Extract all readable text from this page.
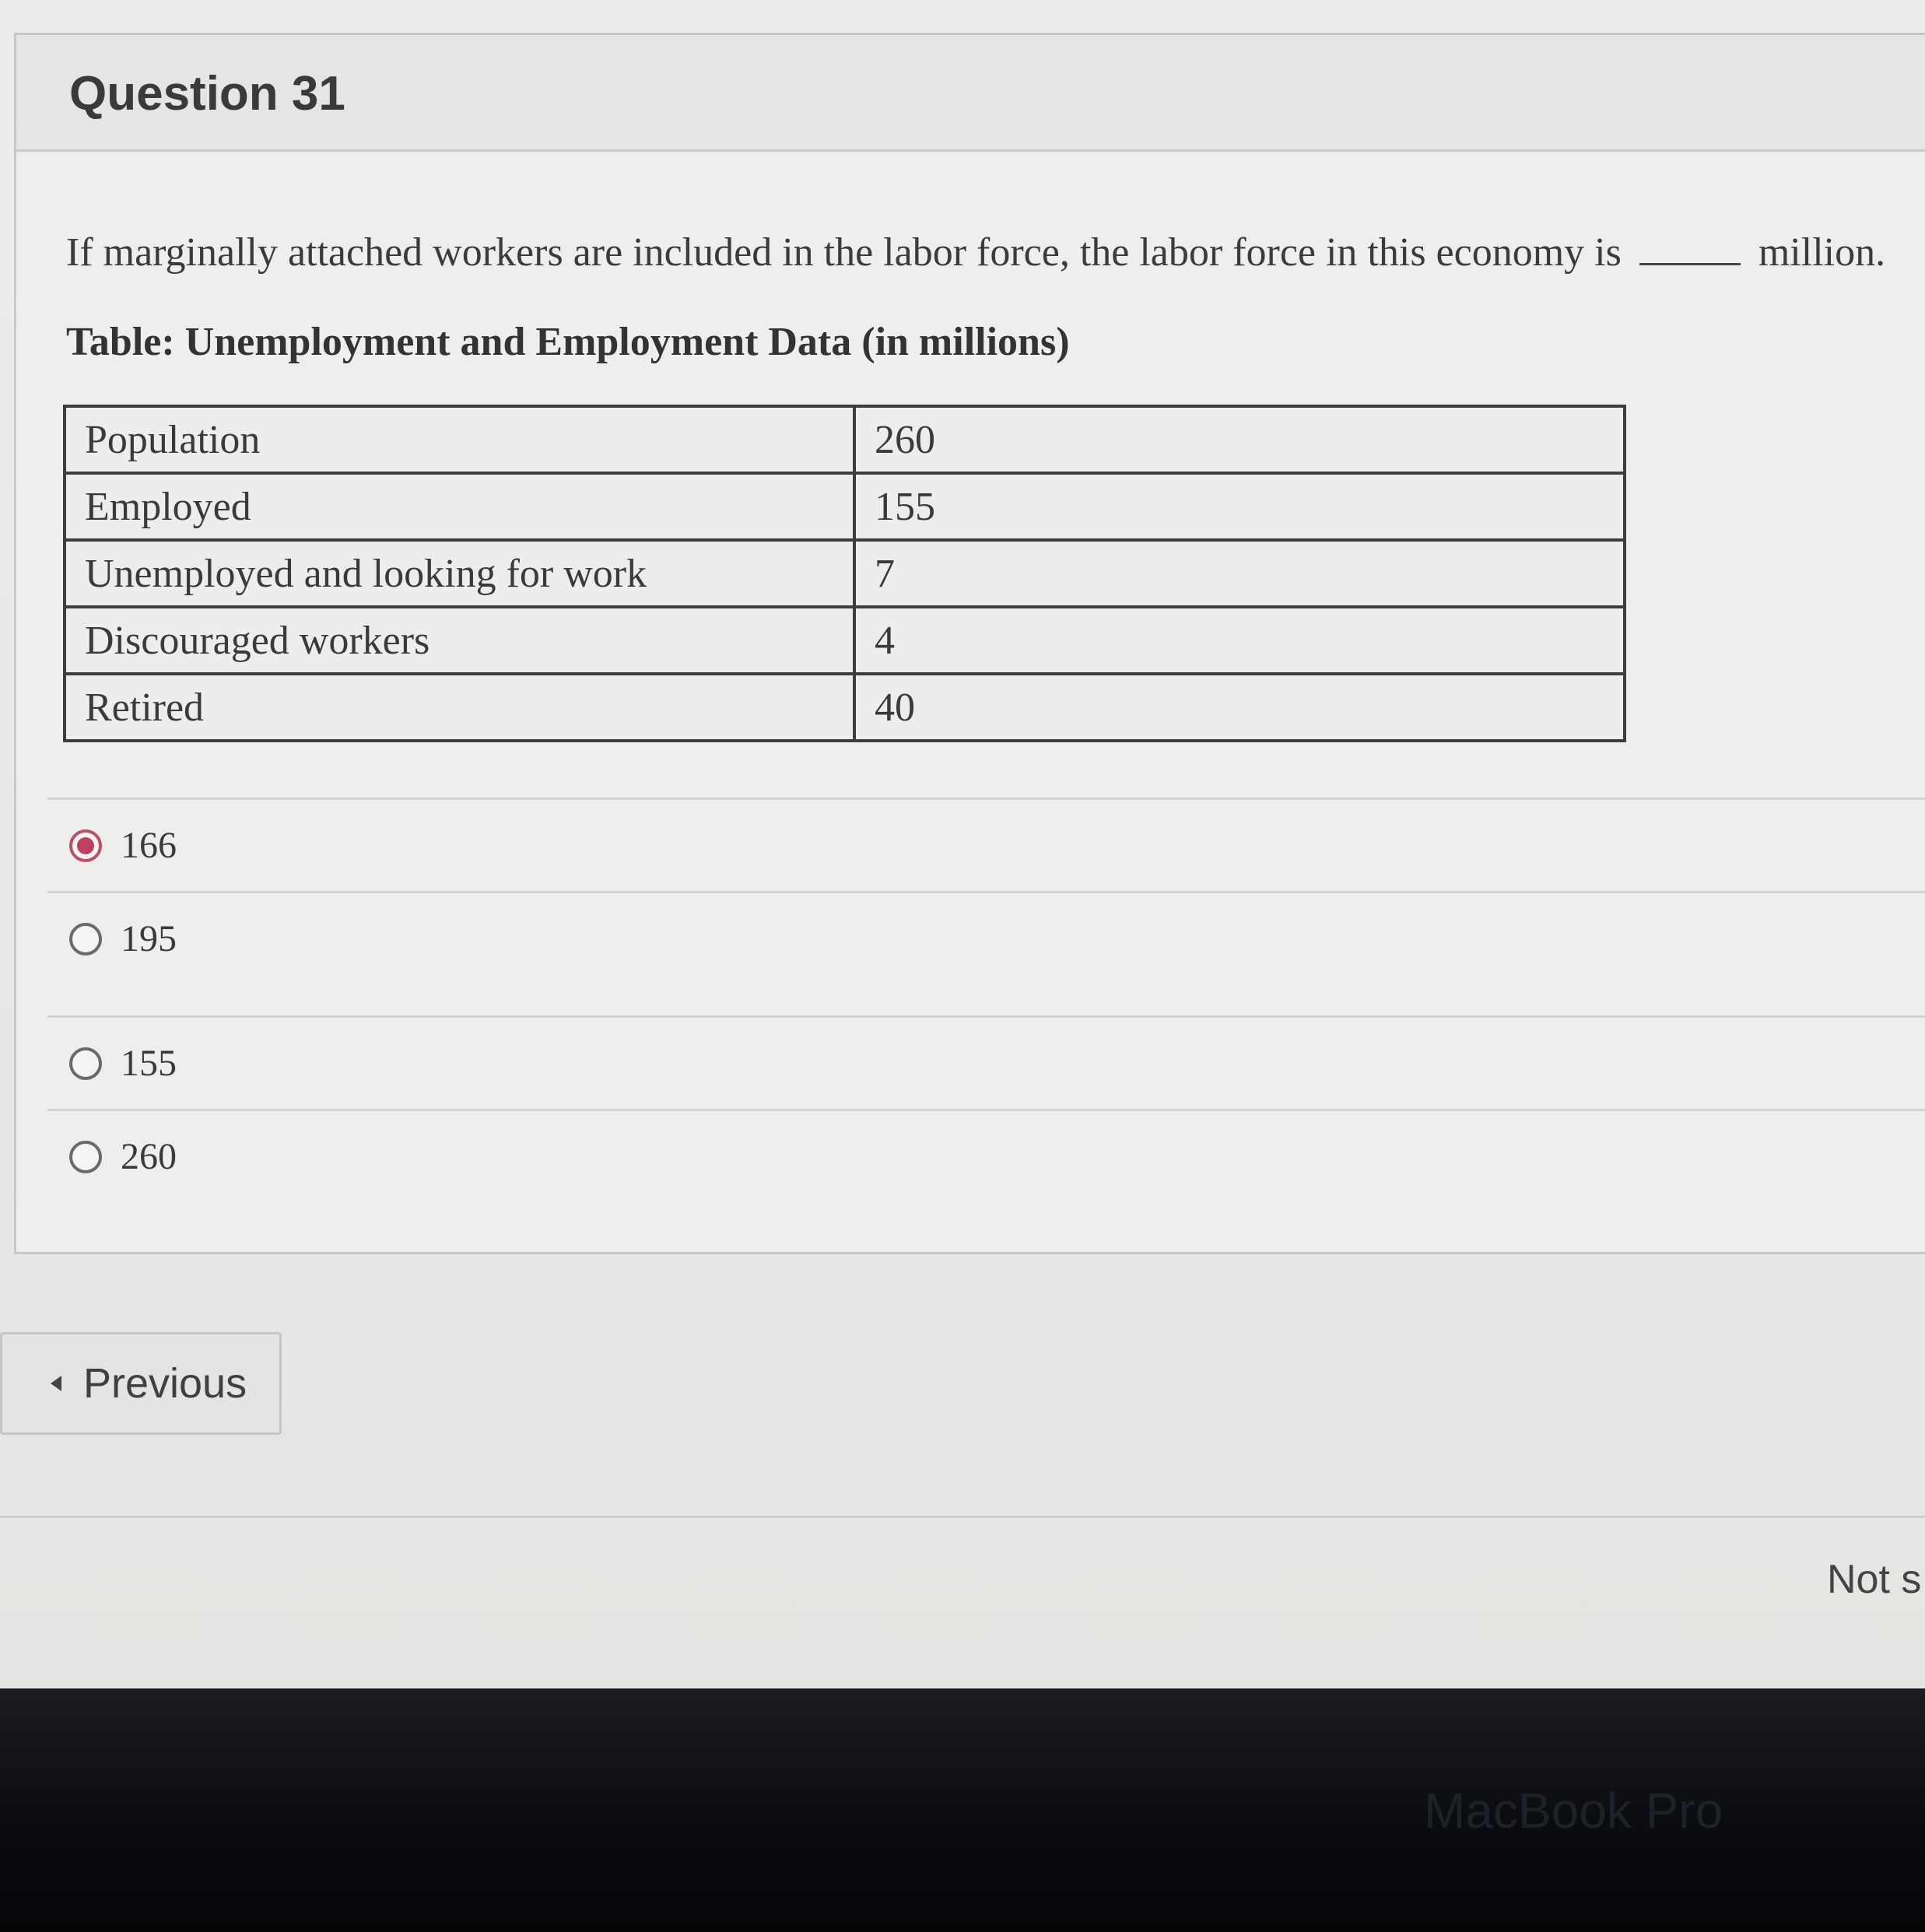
Question 31
If marginally attached workers are included in the labor force, the labor force in this economy is	million.
Table: Unemployment and Employment Data (in millions)
Population	260
Employed	155
Unemployed and looking for work	7
Discouraged workers	4
Retired	40
166
195
155
260
Previous
Not s
MacBook Pro
